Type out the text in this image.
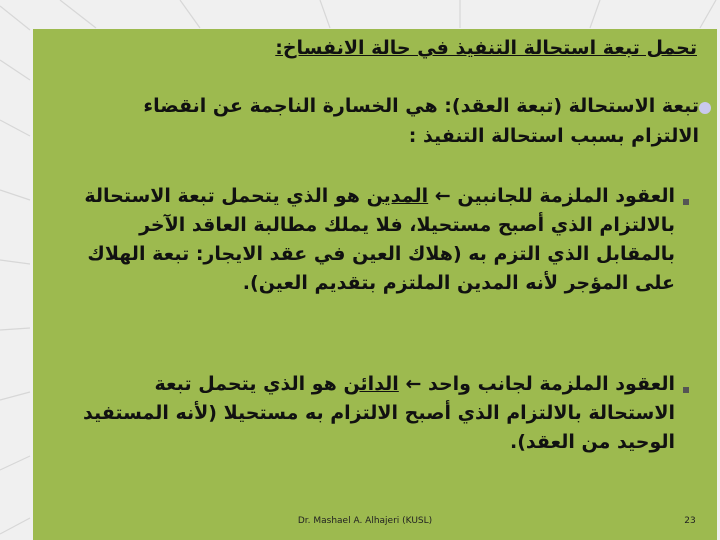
تحمل تبعة استحالة التنفيذ في حالة الانفساخ:
تبعة الاستحالة (تبعة العقد): هي الخسارة الناجمة عن انقضاء الالتزام بسبب استحالة التنفيذ :
العقود الملزمة للجانبين ← المدين هو الذي يتحمل تبعة الاستحالة بالالتزام الذي أصبح مستحيلا، فلا يملك مطالبة العاقد الآخر بالمقابل الذي التزم به (هلاك العين في عقد الايجار: تبعة الهلاك على المؤجر لأنه المدين الملتزم بتقديم العين).
العقود الملزمة لجانب واحد ← الدائن هو الذي يتحمل تبعة الاستحالة بالالتزام الذي أصبح الالتزام به مستحيلا (لأنه المستفيد الوحيد من العقد).
Dr. Mashael A. Alhajeri (KUSL)	23
